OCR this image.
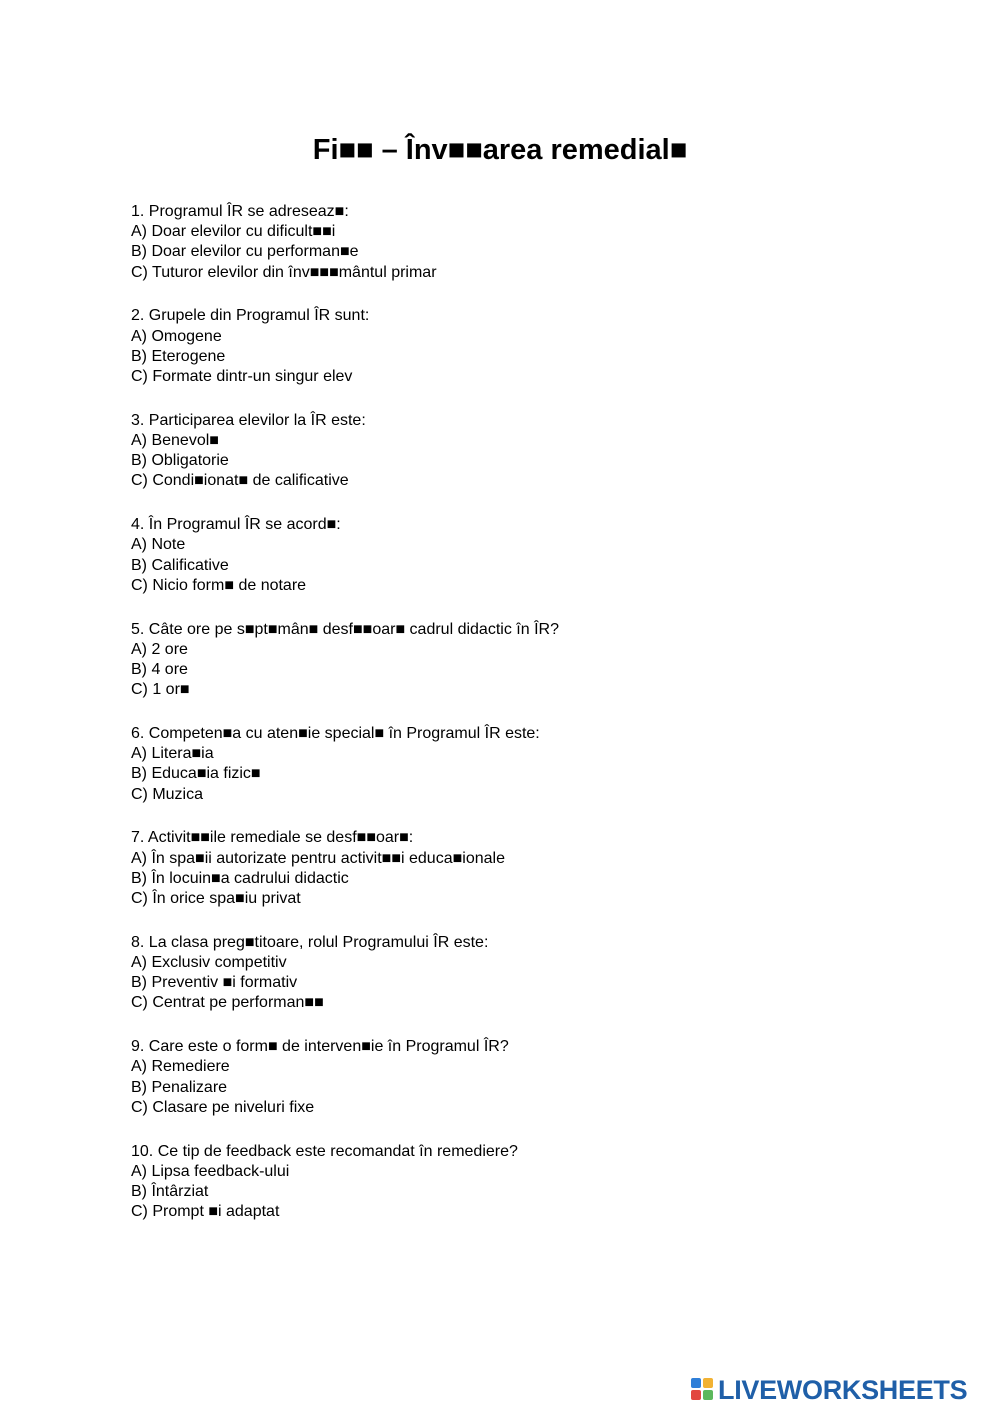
Fi■■ – Înv■■area remedial■

1. Programul ÎR se adreseaz■:

A) Doar elevilor cu dificult■■i

B) Doar elevilor cu performan■e

C) Tuturor elevilor din înv■■■mântul primar

2. Grupele din Programul ÎR sunt:

A) Omogene

B) Eterogene

C) Formate dintr-un singur elev

3. Participarea elevilor la ÎR este:

A) Benevol■

B) Obligatorie

C) Condi■ionat■ de calificative

4. În Programul ÎR se acord■:

A) Note

B) Calificative

C) Nicio form■ de notare

5. Câte ore pe s■pt■mân■ desf■■oar■ cadrul didactic în ÎR?

A) 2 ore

B) 4 ore

C) 1 or■

6. Competen■a cu aten■ie special■ în Programul ÎR este:

A) Litera■ia

B) Educa■ia fizic■

C) Muzica

7. Activit■■ile remediale se desf■■oar■:

A) În spa■ii autorizate pentru activit■■i educa■ionale

B) În locuin■a cadrului didactic

C) În orice spa■iu privat

8. La clasa preg■titoare, rolul Programului ÎR este:

A) Exclusiv competitiv

B) Preventiv ■i formativ

C) Centrat pe performan■■

9. Care este o form■ de interven■ie în Programul ÎR?

A) Remediere

B) Penalizare

C) Clasare pe niveluri fixe

10. Ce tip de feedback este recomandat în remediere?

A) Lipsa feedback-ului

B) Întârziat

C) Prompt ■i adaptat

LIVEWORKSHEETS
